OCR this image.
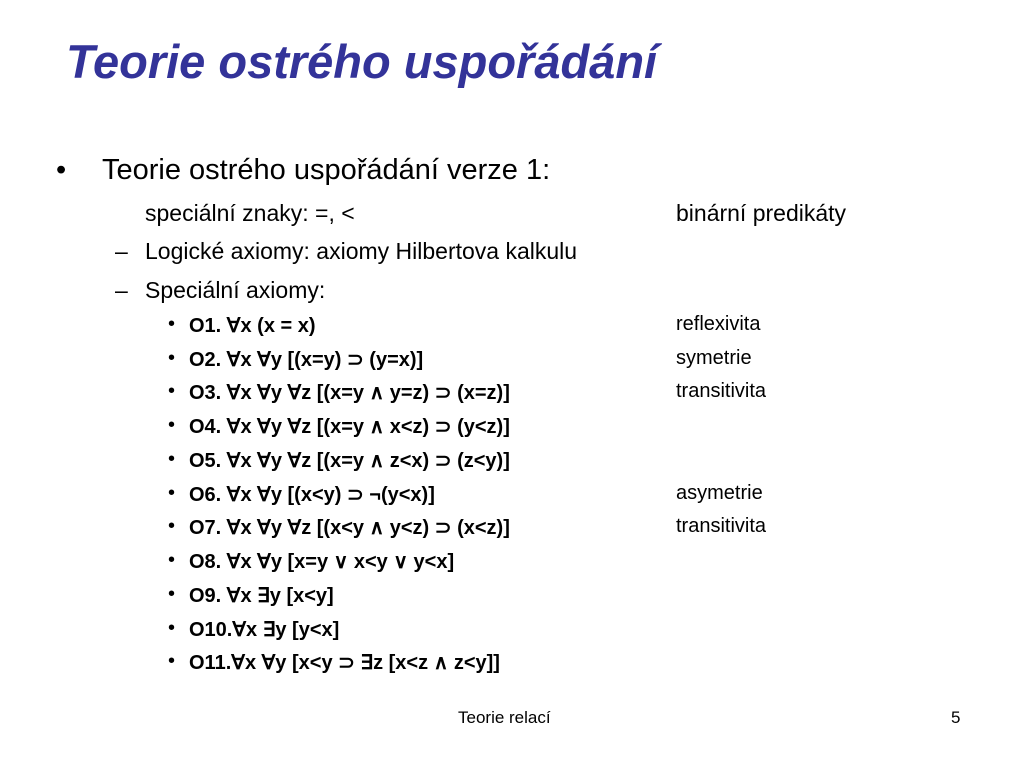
Teorie ostrého uspořádání
• Teorie ostrého uspořádání verze 1:
speciální znaky: =, <	binární predikáty
– Logické axiomy: axiomy Hilbertova kalkulu
– Speciální axiomy:
• O1. ∀x (x = x)	reflexivita
• O2. ∀x ∀y [(x=y) ⊃ (y=x)]	symetrie
• O3. ∀x ∀y ∀z [(x=y ∧ y=z) ⊃ (x=z)]	transitivita
• O4. ∀x ∀y ∀z [(x=y ∧ x<z) ⊃ (y<z)]
• O5. ∀x ∀y ∀z [(x=y ∧ z<x) ⊃ (z<y)]
• O6. ∀x ∀y [(x<y) ⊃ ¬(y<x)]	asymetrie
• O7. ∀x ∀y ∀z [(x<y ∧ y<z) ⊃ (x<z)]	transitivita
• O8. ∀x ∀y [x=y ∨ x<y ∨ y<x]
• O9. ∀x ∃y [x<y]
• O10.∀x ∃y [y<x]
• O11.∀x ∀y [x<y ⊃ ∃z [x<z ∧ z<y]]
Teorie relací	5
